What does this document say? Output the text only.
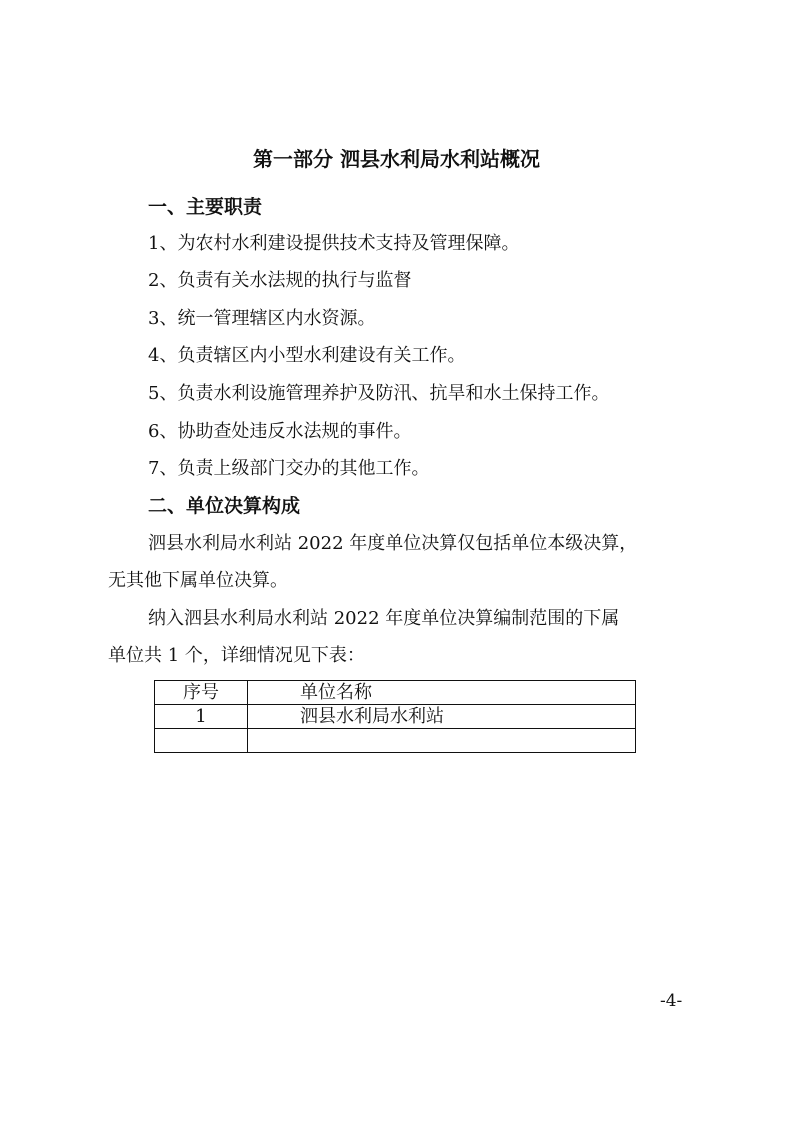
第一部分 泗县水利局水利站概况
一、主要职责
1、为农村水利建设提供技术支持及管理保障。
2、负责有关水法规的执行与监督
3、统一管理辖区内水资源。
4、负责辖区内小型水利建设有关工作。
5、负责水利设施管理养护及防汛、抗旱和水土保持工作。
6、协助查处违反水法规的事件。
7、负责上级部门交办的其他工作。
二、单位决算构成
泗县水利局水利站 2022 年度单位决算仅包括单位本级决算，
无其他下属单位决算。
纳入泗县水利局水利站 2022 年度单位决算编制范围的下属
单位共 1 个，详细情况见下表：
序号	单位名称
1	泗县水利局水利站

-4-
